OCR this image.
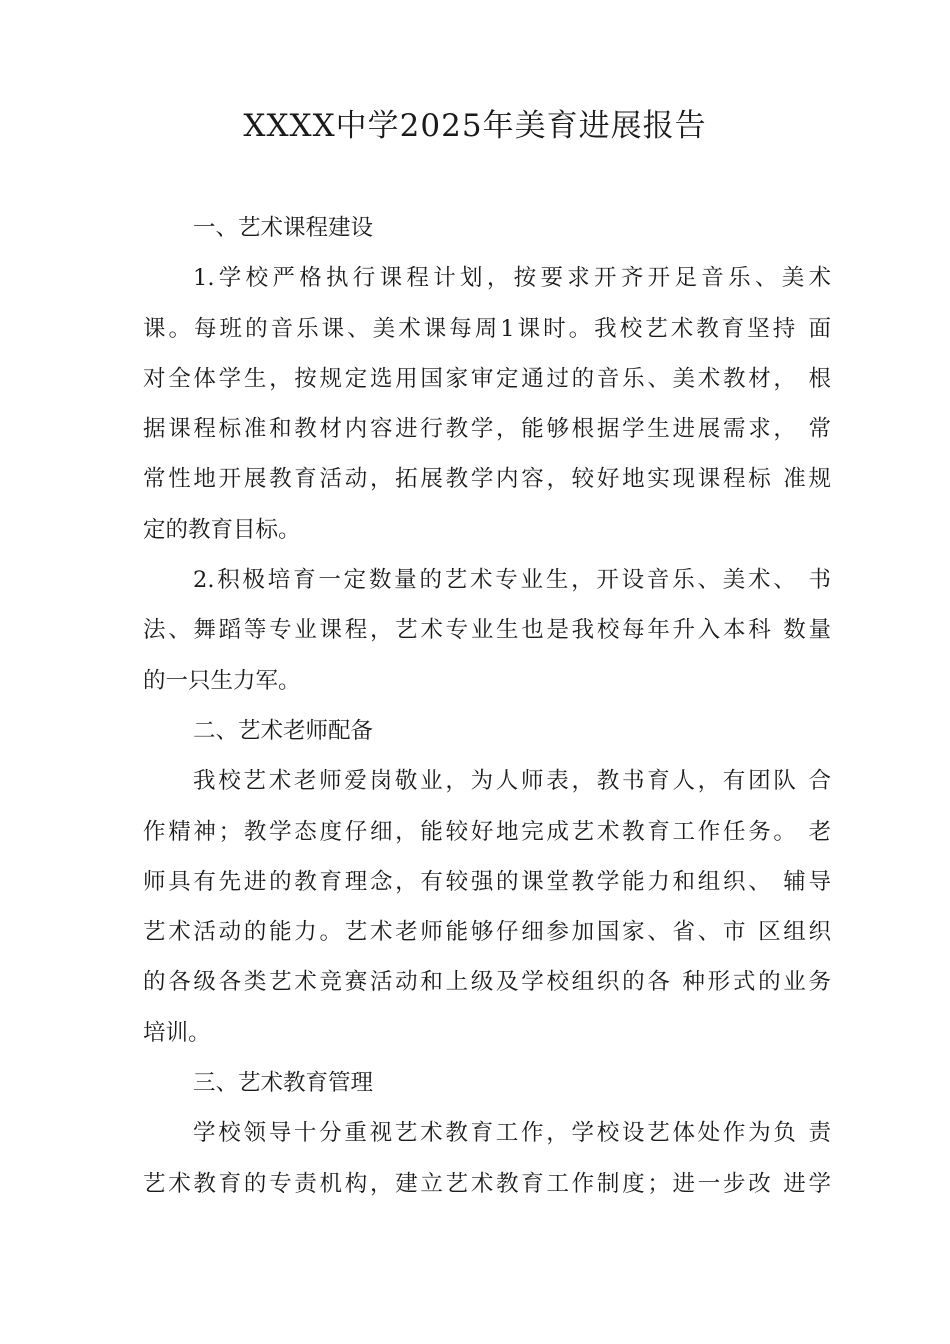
XXXX中学2025年美育进展报告
一、艺术课程建设
1.学校严格执行课程计划，按要求开齐开足音乐、美术
课。每班的音乐课、美术课每周1课时。我校艺术教育坚持 面
对全体学生，按规定选用国家审定通过的音乐、美术教材， 根
据课程标准和教材内容进行教学，能够根据学生进展需求， 常
常性地开展教育活动，拓展教学内容，较好地实现课程标 准规
定的教育目标。
2.积极培育一定数量的艺术专业生，开设音乐、美术、 书
法、舞蹈等专业课程，艺术专业生也是我校每年升入本科 数量
的一只生力军。
二、艺术老师配备
我校艺术老师爱岗敬业，为人师表，教书育人，有团队 合
作精神；教学态度仔细，能较好地完成艺术教育工作任务。 老
师具有先进的教育理念，有较强的课堂教学能力和组织、 辅导
艺术活动的能力。艺术老师能够仔细参加国家、省、市 区组织
的各级各类艺术竞赛活动和上级及学校组织的各 种形式的业务
培训。
三、艺术教育管理
学校领导十分重视艺术教育工作，学校设艺体处作为负 责
艺术教育的专责机构，建立艺术教育工作制度；进一步改 进学
